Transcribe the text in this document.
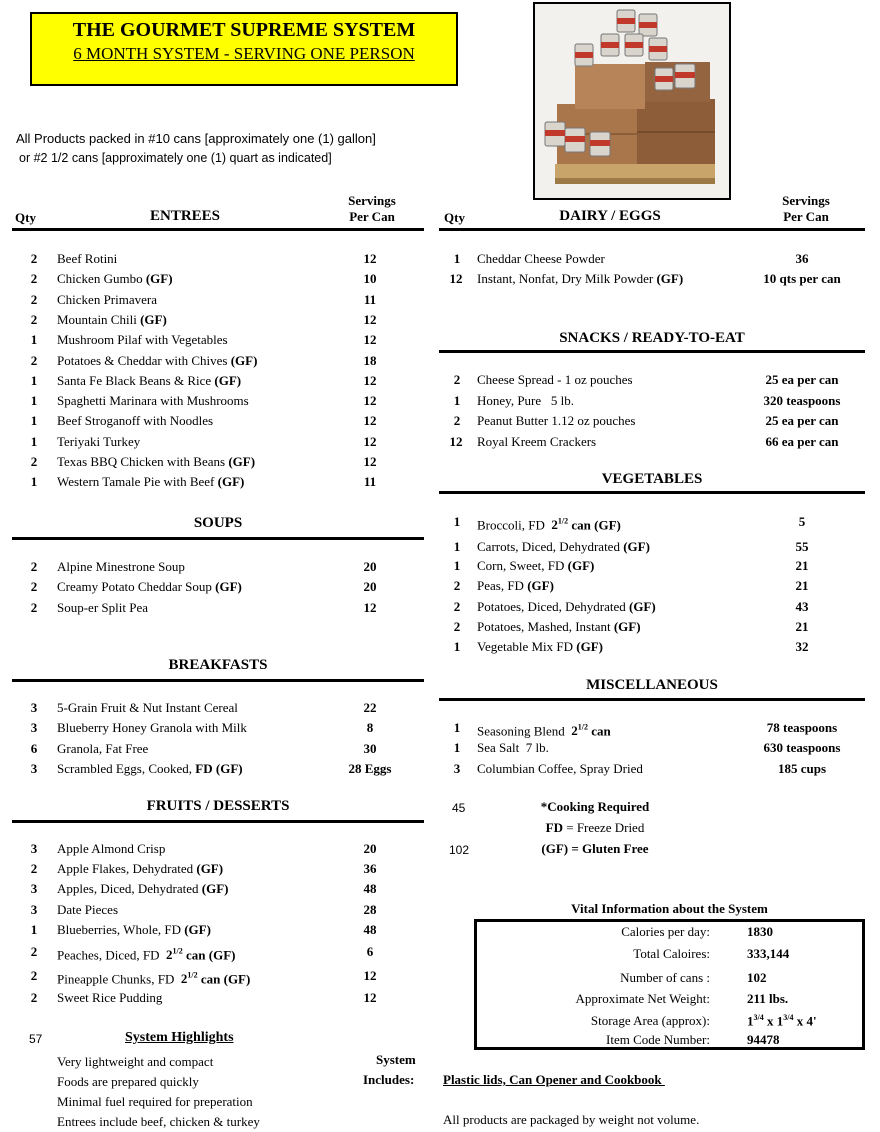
THE GOURMET SUPREME SYSTEM
6 MONTH SYSTEM - SERVING ONE PERSON
All Products packed in #10 cans [approximately one (1) gallon]
or #2 1/2 cans [approximately one (1) quart as indicated]
Servings
Per Can
Qty	ENTREES
Servings
Per Can
Qty	DAIRY / EGGS
2 Beef Rotini	12
2 Chicken Gumbo (GF)	10
2 Chicken Primavera	11
2 Mountain Chili (GF)	12
1 Mushroom Pilaf with Vegetables	12
2 Potatoes & Cheddar with Chives (GF)	18
1 Santa Fe Black Beans & Rice (GF)	12
1 Spaghetti Marinara with Mushrooms	12
1 Beef Stroganoff with Noodles	12
1 Teriyaki Turkey	12
2 Texas BBQ Chicken with Beans (GF)	12
1 Western Tamale Pie with Beef (GF)	11
SOUPS
2 Alpine Minestrone Soup	20
2 Creamy Potato Cheddar Soup (GF)	20
2 Soup-er Split Pea	12
BREAKFASTS
3 5-Grain Fruit & Nut Instant Cereal	22
3 Blueberry Honey Granola with Milk	8
6 Granola, Fat Free	30
3 Scrambled Eggs, Cooked, FD (GF)	28 Eggs
FRUITS / DESSERTS
3 Apple Almond Crisp	20
2 Apple Flakes, Dehydrated (GF)	36
3 Apples, Diced, Dehydrated (GF)	48
3 Date Pieces	28
1 Blueberries, Whole, FD (GF)	48
2 Peaches, Diced, FD  $2^{1/2}$ can (GF)	6
2 Pineapple Chunks, FD  $2^{1/2}$ can (GF)	12
2 Sweet Rice Pudding	12
1 Cheddar Cheese Powder	36
12 Instant, Nonfat, Dry Milk Powder (GF)	10 qts per can
SNACKS / READY-TO-EAT
2 Cheese Spread - 1 oz pouches	25 ea per can
1 Honey, Pure   5 lb.	320 teaspoons
2 Peanut Butter 1.12 oz pouches	25 ea per can
12 Royal Kreem Crackers	66 ea per can
VEGETABLES
1 Broccoli, FD  $2^{1/2}$ can (GF)	5
1 Carrots, Diced, Dehydrated (GF)	55
1 Corn, Sweet, FD (GF)	21
2 Peas, FD (GF)	21
2 Potatoes, Diced, Dehydrated (GF)	43
2 Potatoes, Mashed, Instant (GF)	21
1 Vegetable Mix FD (GF)	32
MISCELLANEOUS
1 Seasoning Blend  $2^{1/2}$ can	78 teaspoons
1 Sea Salt  7 lb.	630 teaspoons
3 Columbian Coffee, Spray Dried	185 cups
45
102
*Cooking Required
FD = Freeze Dried
(GF) = Gluten Free
57	System Highlights
Very lightweight and compact
Foods are prepared quickly
Minimal fuel required for preperation
Entrees include beef, chicken & turkey
System
Includes: Plastic lids, Can Opener and Cookbook
All products are packaged by weight not volume.
Vital Information about the System
Calories per day:	1830
Total Caloires:	333,144
Number of cans :	102
Approximate Net Weight:	211 lbs.
Storage Area (approx):	$1^{3/4}$ x $1^{3/4}$ x 4'
Item Code Number:	94478
